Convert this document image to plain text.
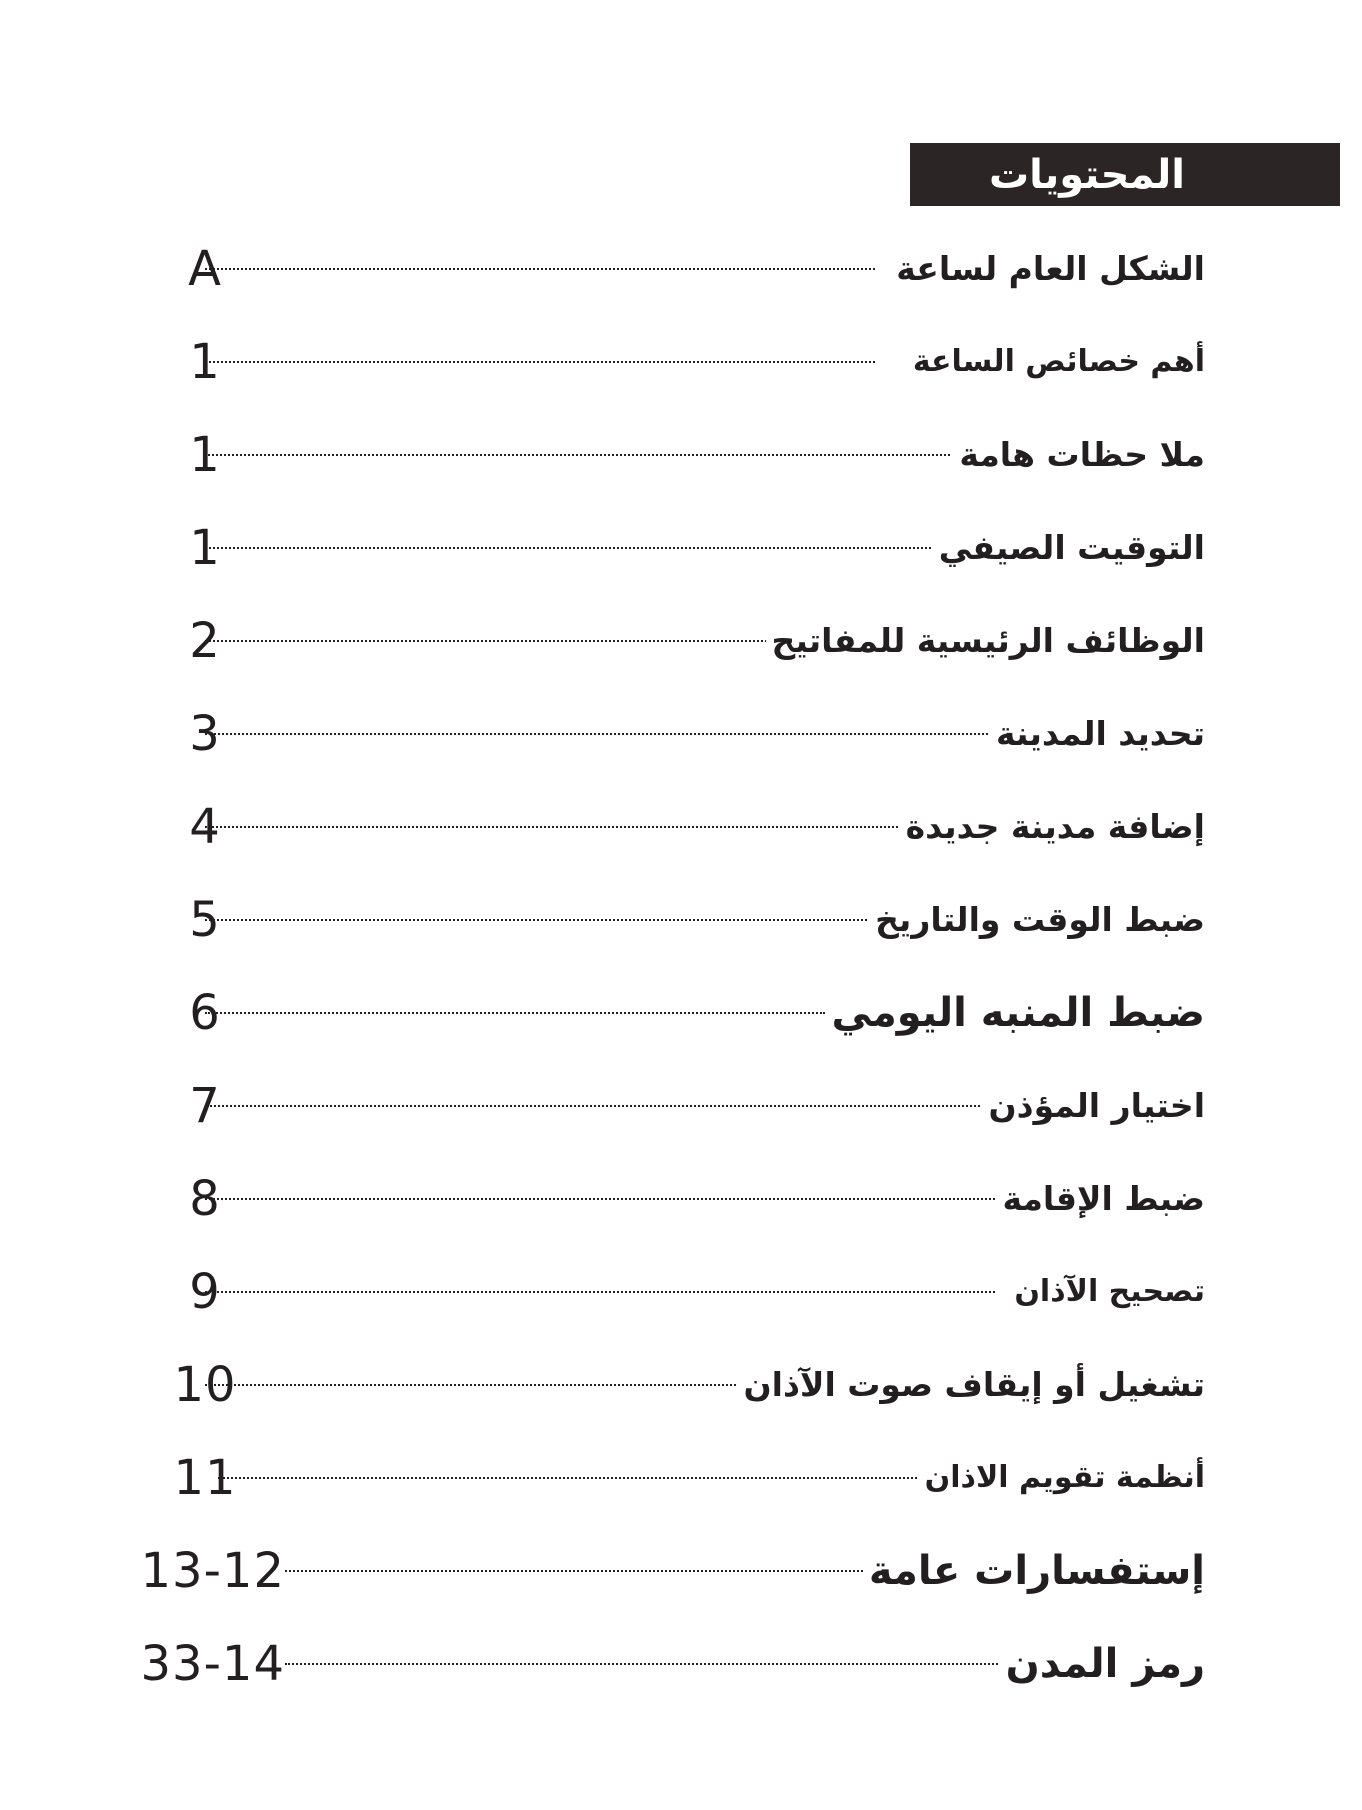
المحتويات
A	الشكل العام لساعة
1	أهم خصائص الساعة
1	ملا حظات هامة
1	التوقيت الصيفي
2	الوظائف الرئيسية للمفاتيح
3	تحديد المدينة
4	إضافة مدينة جديدة
5	ضبط الوقت والتاريخ
6	ضبط المنبه اليومي
7	اختيار المؤذن
8	ضبط الإقامة
9	تصحيح الآذان
10	تشغيل أو إيقاف صوت الآذان
11	أنظمة تقويم الاذان
13-12	إستفسارات عامة
33-14	رمز المدن
